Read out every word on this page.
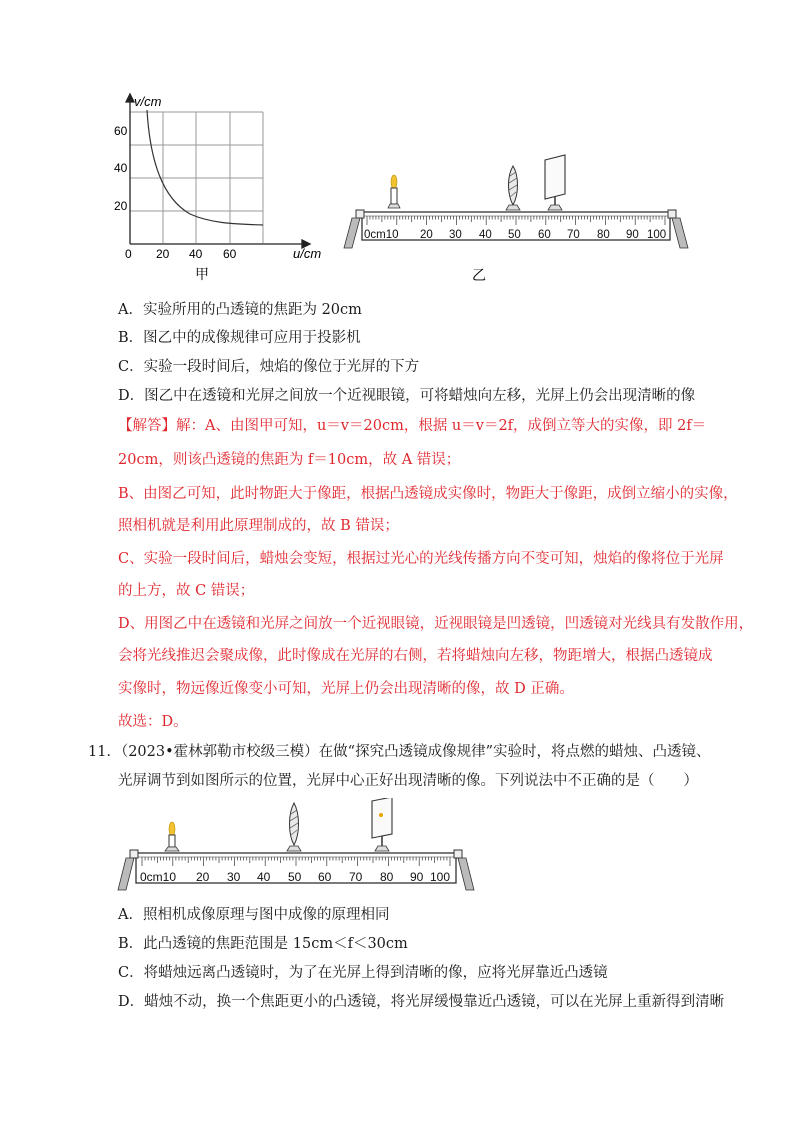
v/cm
60
40
20
0 20 40 60	u/cm
甲
0cm10 20 30 40 50 60 70 80 90 100
乙
A．实验所用的凸透镜的焦距为 20cm
B．图乙中的成像规律可应用于投影机
C．实验一段时间后，烛焰的像位于光屏的下方
D．图乙中在透镜和光屏之间放一个近视眼镜，可将蜡烛向左移，光屏上仍会出现清晰的像
【解答】解：A、由图甲可知，u＝v＝20cm，根据 u＝v＝2f，成倒立等大的实像，即 2f＝
20cm，则该凸透镜的焦距为 f＝10cm，故 A 错误；
B、由图乙可知，此时物距大于像距，根据凸透镜成实像时，物距大于像距，成倒立缩小的实像，
照相机就是利用此原理制成的，故 B 错误；
C、实验一段时间后，蜡烛会变短，根据过光心的光线传播方向不变可知，烛焰的像将位于光屏
的上方，故 C 错误；
D、用图乙中在透镜和光屏之间放一个近视眼镜，近视眼镜是凹透镜，凹透镜对光线具有发散作用，
会将光线推迟会聚成像，此时像成在光屏的右侧，若将蜡烛向左移，物距增大，根据凸透镜成
实像时，物远像近像变小可知，光屏上仍会出现清晰的像，故 D 正确。
故选：D。
11．（2023•霍林郭勒市校级三模）在做“探究凸透镜成像规律”实验时，将点燃的蜡烛、凸透镜、
光屏调节到如图所示的位置，光屏中心正好出现清晰的像。下列说法中不正确的是（　　）
0cm10 20 30 40 50 60 70 80 90 100
A．照相机成像原理与图中成像的原理相同
B．此凸透镜的焦距范围是 15cm＜f＜30cm
C．将蜡烛远离凸透镜时，为了在光屏上得到清晰的像，应将光屏靠近凸透镜
D．蜡烛不动，换一个焦距更小的凸透镜，将光屏缓慢靠近凸透镜，可以在光屏上重新得到清晰
